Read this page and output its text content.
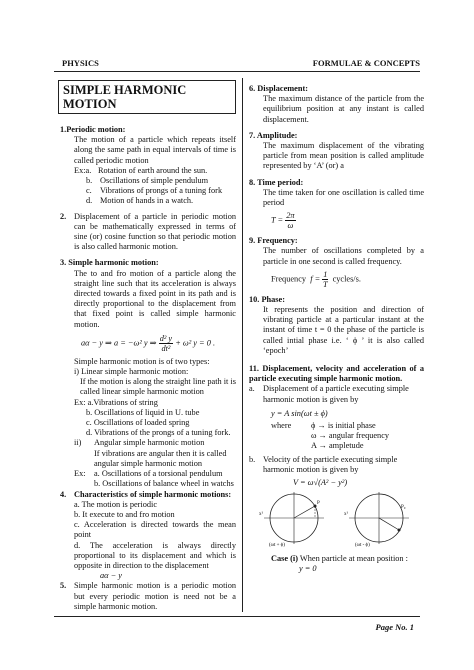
PHYSICS	FORMULAE & CONCEPTS
SIMPLE HARMONIC MOTION
1.Periodic motion:
The motion of a particle which repeats itself along the same path in equal intervals of time is called periodic motion
Ex:a. Rotation of earth around the sun.
b. Oscillations of simple pendulum
c. Vibrations of prongs of a tuning fork
d. Motion of hands in a watch.
2. Displacement of a particle in periodic motion can be mathematically expressed in terms of sine (or) cosine function so that periodic motion is also called harmonic motion.
3. Simple harmonic motion:
The to and fro motion of a particle along the straight line such that its acceleration is always directed towards a fixed point in its path and is directly proportional to the displacement from that fixed point is called simple harmonic motion.
aα − y ⇒ a = −ω² y ⇒ $\frac{\text{d² y}}{\text{dt²}} + \omega^2$ y = 0 .
Simple harmonic motion is of two types:
i) Linear simple harmonic motion:
If the motion is along the straight line path it is called linear simple harmonic motion
Ex: a.Vibrations of string
b. Oscillations of liquid in U. tube
c. Oscillations of loaded spring
d. Vibrations of the prongs of a tuning fork.
ii)	Angular simple harmonic motion
If vibrations are angular then it is called angular simple harmonic motion
Ex:	a. Oscillations of a torsional pendulum
b. Oscillations of balance wheel in watchs
4. Characteristics of simple harmonic motions:
a. The motion is periodic
b. It execute to and fro motion
c. Acceleration is directed towards the mean point
d. The acceleration is always directly proportional to its displacement and which is opposite in direction to the displacement
aα − y
5. Simple harmonic motion is a periodic motion but every periodic motion is need not be a simple harmonic motion.
6. Displacement:
The maximum distance of the particle from the equilibrium position at any instant is called displacement.
7. Amplitude:
The maximum displacement of the vibrating particle from mean position is called amplitude represented by ‘A’ (or) a
8. Time period:
The time taken for one oscillation is called time period
$T = \frac{2\pi}{\omega}$
9. Frequency:
The number of oscillations completed by a particle in one second is called frequency.
Frequency $f = \frac{1}{T}$ cycles/s.
10. Phase:
It represents the position and direction of vibrating particle at a particular instant at the instant of time t = 0 the phase of the particle is called intial phase i.e. ‘ ϕ ’ it is also called ‘epoch’
11. Displacement, velocity and acceleration of a particle executing simple harmonic motion.
a. Displacement of a particle executing simple harmonic motion is given by
y = A sin(ωt ± ϕ)
where	ϕ → is initial phase
ω → angular frequency
A → ampletude
b. Velocity of the particle executing simple harmonic motion is given by
V = ω√(A² − y²)
P
x¹
(ωt + ϕ)
P₀
x¹
(ωt - ϕ)
Case (i) When particle at mean position :
y = 0
Page No. 1
